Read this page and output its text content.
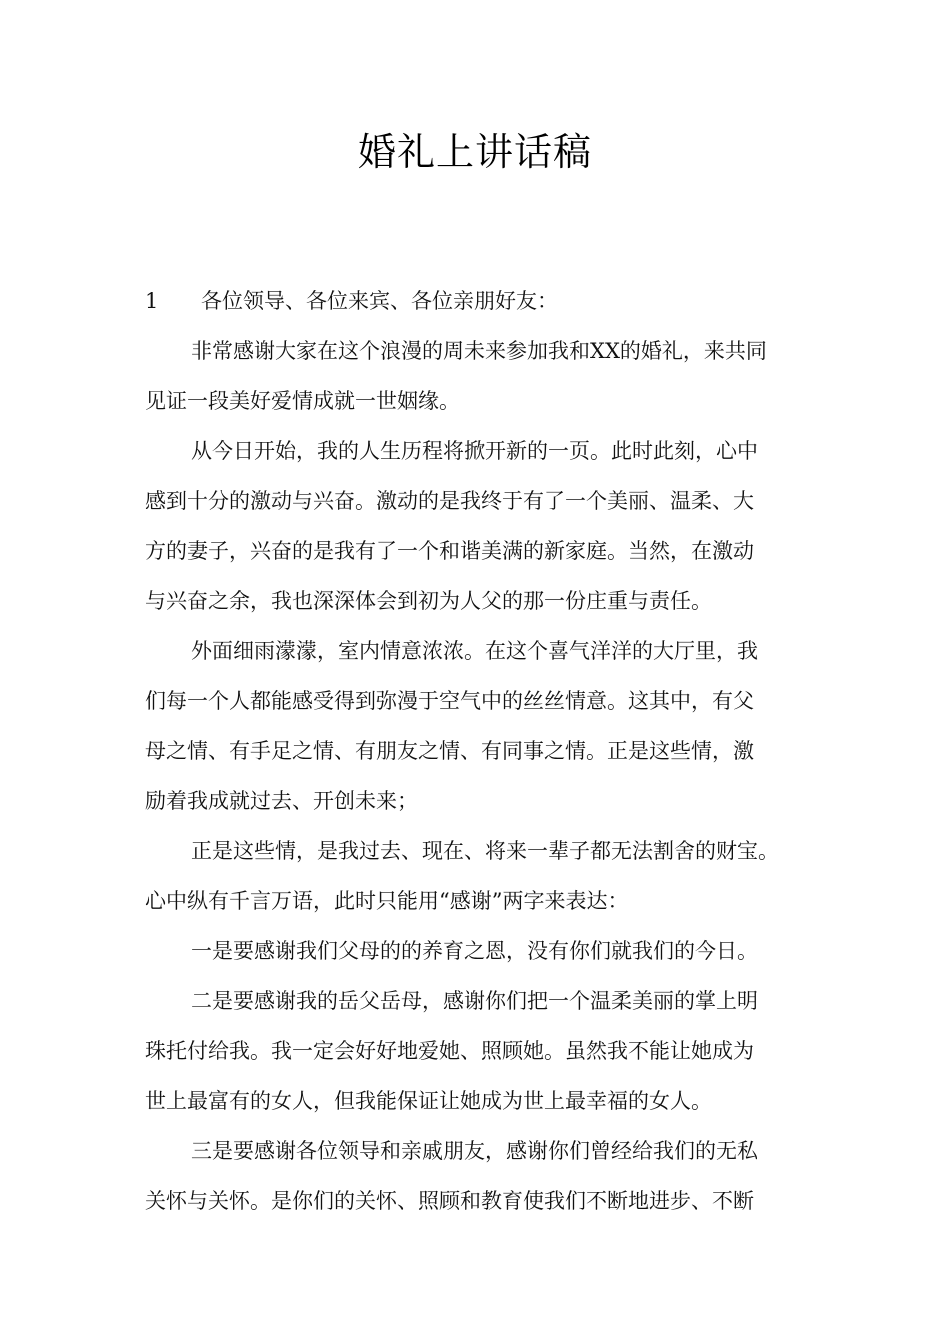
婚礼上讲话稿
1 各位领导、各位来宾、各位亲朋好友：
非常感谢大家在这个浪漫的周未来参加我和XX的婚礼，来共同
见证一段美好爱情成就一世姻缘。
从今日开始，我的人生历程将掀开新的一页。此时此刻，心中
感到十分的激动与兴奋。激动的是我终于有了一个美丽、温柔、大
方的妻子，兴奋的是我有了一个和谐美满的新家庭。当然，在激动
与兴奋之余，我也深深体会到初为人父的那一份庄重与责任。
外面细雨濛濛，室内情意浓浓。在这个喜气洋洋的大厅里，我
们每一个人都能感受得到弥漫于空气中的丝丝情意。这其中，有父
母之情、有手足之情、有朋友之情、有同事之情。正是这些情，激
励着我成就过去、开创未来；
正是这些情，是我过去、现在、将来一辈子都无法割舍的财宝。
心中纵有千言万语，此时只能用“感谢”两字来表达：
一是要感谢我们父母的的养育之恩，没有你们就我们的今日。
二是要感谢我的岳父岳母，感谢你们把一个温柔美丽的掌上明
珠托付给我。我一定会好好地爱她、照顾她。虽然我不能让她成为
世上最富有的女人，但我能保证让她成为世上最幸福的女人。
三是要感谢各位领导和亲戚朋友，感谢你们曾经给我们的无私
关怀与关怀。是你们的关怀、照顾和教育使我们不断地进步、不断
